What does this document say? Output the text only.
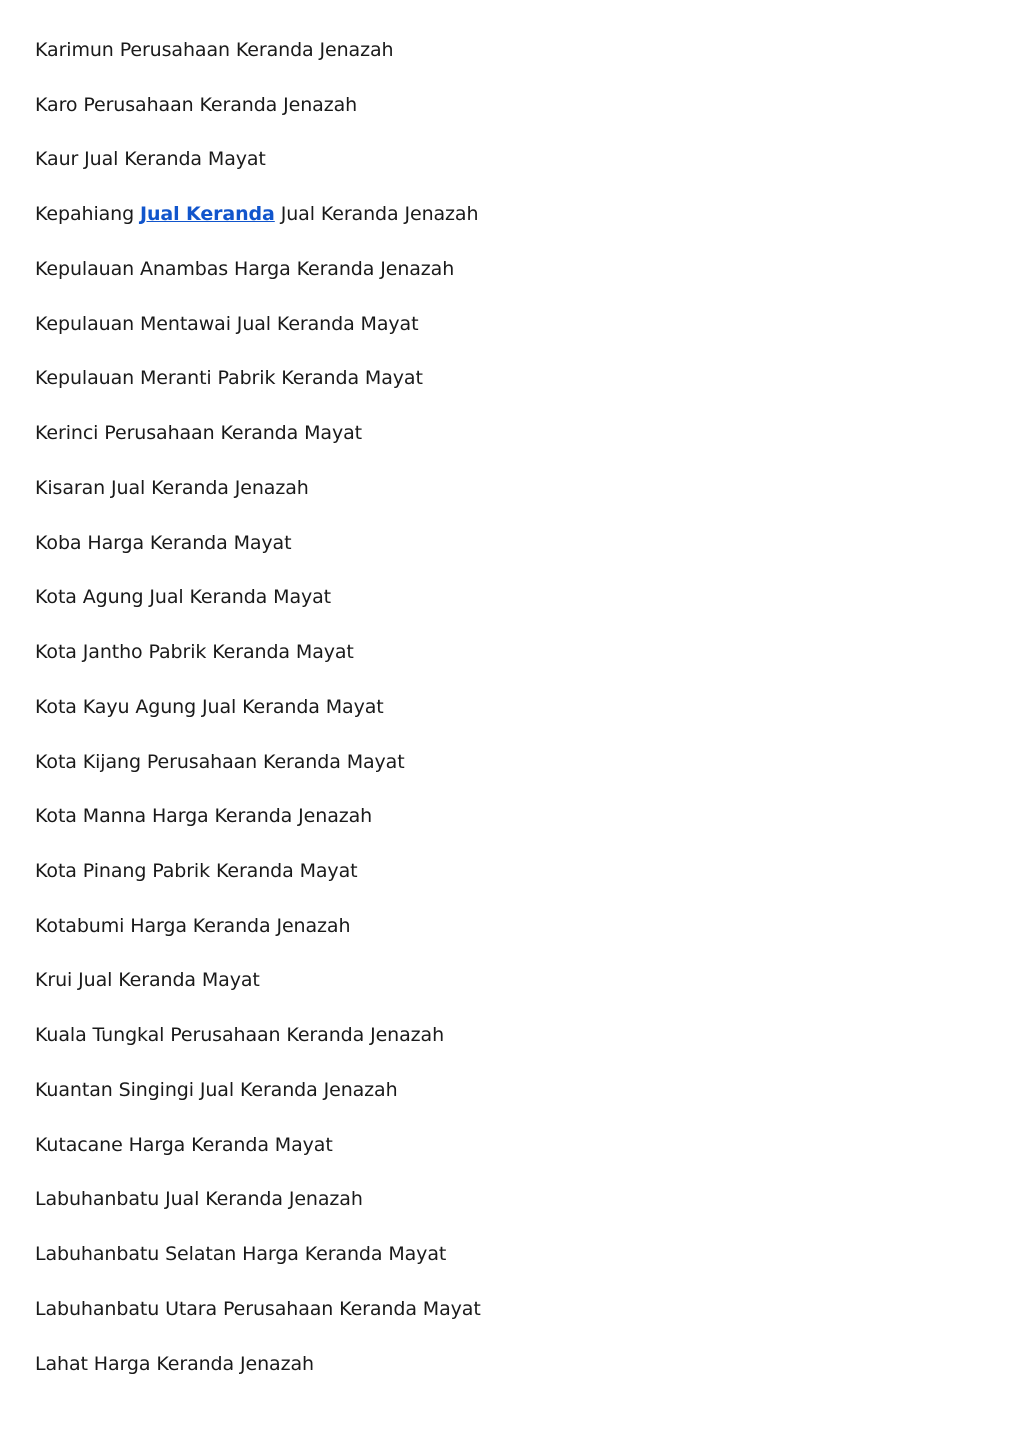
Karimun Perusahaan Keranda Jenazah

Karo Perusahaan Keranda Jenazah

Kaur Jual Keranda Mayat

Kepahiang Jual Keranda Jual Keranda Jenazah

Kepulauan Anambas Harga Keranda Jenazah

Kepulauan Mentawai Jual Keranda Mayat

Kepulauan Meranti Pabrik Keranda Mayat

Kerinci Perusahaan Keranda Mayat

Kisaran Jual Keranda Jenazah

Koba Harga Keranda Mayat

Kota Agung Jual Keranda Mayat

Kota Jantho Pabrik Keranda Mayat

Kota Kayu Agung Jual Keranda Mayat

Kota Kijang Perusahaan Keranda Mayat

Kota Manna Harga Keranda Jenazah

Kota Pinang Pabrik Keranda Mayat

Kotabumi Harga Keranda Jenazah

Krui Jual Keranda Mayat

Kuala Tungkal Perusahaan Keranda Jenazah

Kuantan Singingi Jual Keranda Jenazah

Kutacane Harga Keranda Mayat

Labuhanbatu Jual Keranda Jenazah

Labuhanbatu Selatan Harga Keranda Mayat

Labuhanbatu Utara Perusahaan Keranda Mayat

Lahat Harga Keranda Jenazah
